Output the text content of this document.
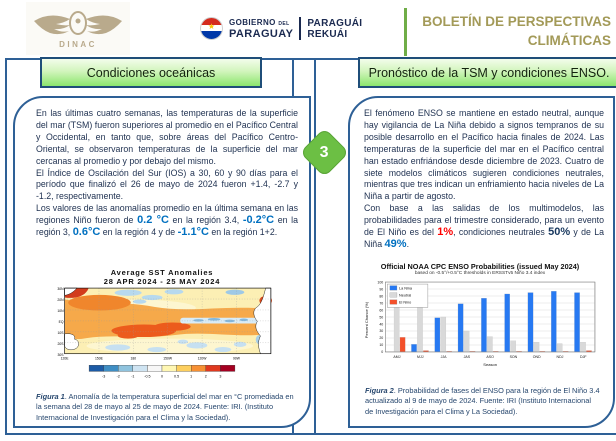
DINAC
★	GOBIERNO DEL
PARAGUAY
PARAGUÁI
REKUÁI
BOLETÍN DE PERSPECTIVAS
CLIMÁTICAS
Condiciones oceánicas	Pronóstico de la TSM y condiciones ENSO.
3

En las últimas cuatro semanas, las temperaturas de la superficie del mar (TSM) fueron superiores al promedio en el Pacífico Central y Occidental, en tanto que, sobre áreas del Pacífico Centro-Oriental, se observaron temperaturas de la superficie del mar cercanas al promedio y por debajo del mismo.

El Índice de Oscilación del Sur (IOS) a 30, 60 y 90 días para el período que finalizó el 26 de mayo de 2024 fueron +1.4, -2.7 y -1.2, respectivamente.

Los valores de las anomalías promedio en la última semana en las regiones Niño fueron de 0.2 °C en la región 3.4, -0.2°C en la región 3, 0.6°C en la región 4 y de -1.1°C en la región 1+2.

Average SST Anomalies
28 APR 2024 - 25 MAY 2024
30N
20N
10N
EQ
10S
20S
30S
120E	150E	180	150W	120W	90W
-3 -2 -1 -0.5 0 0.5 1 2 3
Figura 1. Anomalía de la temperatura superficial del mar en °C promediada en la semana del 28 de mayo al 25 de mayo de 2024. Fuente: IRI. (Instituto Internacional de Investigación para el Clima y la Sociedad).

El fenómeno ENSO se mantiene en estado neutral, aunque hay vigilancia de La Niña debido a signos tempranos de su posible desarrollo en el Pacífico hacia finales de 2024. Las temperaturas de la superficie del mar en el Pacífico central han estado enfriándose desde diciembre de 2023. Cuatro de siete modelos climáticos sugieren condiciones neutrales, mientras que tres indican un enfriamiento hacia niveles de La Niña a partir de agosto.

Con base a las salidas de los multimodelos, las probabilidades para el trimestre considerado, para un evento de El Niño es del 1%, condiciones neutrales 50% y de La Niña 49%.

Official NOAA CPC ENSO Probabilities (issued May 2024)
based on -0.5°/+0.5°C thresholds in ERSSTv5 Niño 3.4 index
0
10
20
30
40
50
60
70
80
90
100
Percent Chance (%)
AMJ MJJ JJA JAS ASO SON OND NDJ DJF
Season
La Nina
Neutral
El Nino
Figura 2. Probabilidad de fases del ENSO para la región de El Niño 3.4 actualizado al 9 de mayo de 2024. Fuente: IRI (Instituto Internacional de Investigación para el Clima y La Sociedad).
